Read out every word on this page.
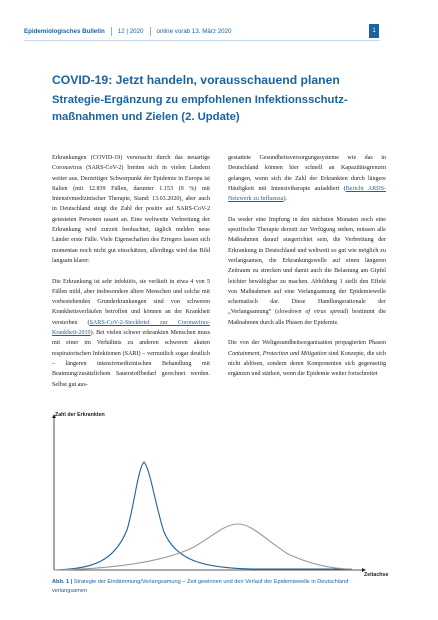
Epidemiologisches Bulletin 12 | 2020 online vorab 13. März 2020	1
COVID-19: Jetzt handeln, vorausschauend planen
Strategie-Ergänzung zu empfohlenen Infektionsschutz-maßnahmen und Zielen (2. Update)

Erkrankungen (COVID-19) verursacht durch das neuartige Coronavirus (SARS-CoV-2) breiten sich in vielen Ländern weiter aus. Derzeitiger Schwerpunkt der Epidemie in Europa ist Italien (mit 12.839 Fällen, darunter 1.153 (9 %) mit Intensivmedizinischer Therapie, Stand: 13.03.2020), aber auch in Deutschland steigt die Zahl der positiv auf SARS-CoV-2 getesteten Personen rasant an. Eine weltweite Verbreitung der Erkrankung wird zurzeit beobachtet, täglich melden neue Länder erste Fälle. Viele Eigenschaften des Erregers lassen sich momentan noch nicht gut einschätzen, allerdings wird das Bild langsam klarer:

Die Erkrankung ist sehr infektiös, sie verläuft in etwa 4 von 5 Fällen mild, aber insbesondere ältere Menschen und solche mit vorbestehenden Grunderkrankungen sind von schweren Krankheitsverläufen betroffen und können an der Krankheit versterben (SARS-CoV-2-Steckbrief zur Coronavirus-Krankheit-2019). Bei vielen schwer erkrankten Menschen muss mit einer im Verhältnis zu anderen schweren akuten respiratorischen Infektionen (SARI) – vermutlich sogar deutlich – längeren intensivmedizinischen Behandlung mit Beatmung/zusätzlichem Sauerstoffbedarf gerechnet werden. Selbst gut aus-

gestattete Gesundheitsversorgungssysteme wie das in Deutschland können hier schnell an Kapazitätsgrenzen gelangen, wenn sich die Zahl der Erkrankten durch längere Häufigkeit mit Intensivtherapie aufaddiert (Bericht ARDS-Netzwerk zu Influenza).

Da weder eine Impfung in den nächsten Monaten noch eine spezifische Therapie derzeit zur Verfügung stehen, müssen alle Maßnahmen darauf ausgerichtet sein, die Verbreitung der Erkrankung in Deutschland und weltweit so gut wie möglich zu verlangsamen, die Erkrankungswelle auf einen längeren Zeitraum zu strecken und damit auch die Belastung am Gipfel leichter bewältigbar zu machen. Abbildung 1 stellt den Effekt von Maßnahmen auf eine Verlangsamung der Epidemiewelle schematisch dar. Diese Handlungsrationale der „Verlangsamung“ (slowdown of virus spread) bestimmt die Maßnahmen durch alle Phasen der Epidemie.

Die von der Weltgesundheitsorganisation propagierten Phasen Containment, Protection und Mitigation sind Konzepte, die sich nicht ablösen, sondern deren Komponenten sich gegenseitig ergänzen und stärken, wenn die Epidemie weiter fortschreitet

Zahl der Erkrankten
Zeitachse
Abb. 1 | Strategie der Eindämmung/Verlangsamung – Zeit gewinnen und den Verlauf der Epidemiewelle in Deutschland verlangsamen
